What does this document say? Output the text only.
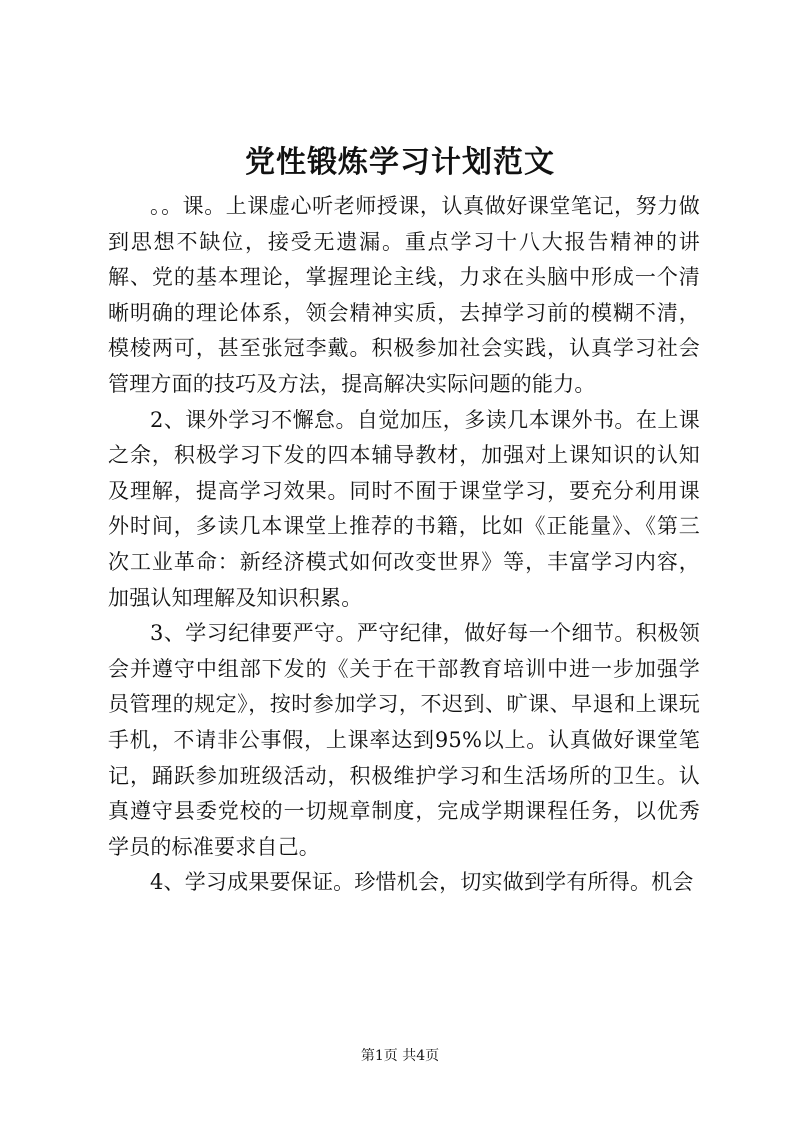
党性锻炼学习计划范文

。。课。上课虚心听老师授课，认真做好课堂笔记，努力做到思想不缺位，接受无遗漏。重点学习十八大报告精神的讲解、党的基本理论，掌握理论主线，力求在头脑中形成一个清晰明确的理论体系，领会精神实质，去掉学习前的模糊不清，模棱两可，甚至张冠李戴。积极参加社会实践，认真学习社会管理方面的技巧及方法，提高解决实际问题的能力。

2、课外学习不懈怠。自觉加压，多读几本课外书。在上课之余，积极学习下发的四本辅导教材，加强对上课知识的认知及理解，提高学习效果。同时不囿于课堂学习，要充分利用课外时间，多读几本课堂上推荐的书籍，比如《正能量》、《第三次工业革命：新经济模式如何改变世界》等，丰富学习内容，加强认知理解及知识积累。

3、学习纪律要严守。严守纪律，做好每一个细节。积极领会并遵守中组部下发的《关于在干部教育培训中进一步加强学员管理的规定》，按时参加学习，不迟到、旷课、早退和上课玩手机，不请非公事假，上课率达到95%以上。认真做好课堂笔记，踊跃参加班级活动，积极维护学习和生活场所的卫生。认真遵守县委党校的一切规章制度，完成学期课程任务，以优秀学员的标准要求自己。

4、学习成果要保证。珍惜机会，切实做到学有所得。机会

第1页 共4页
